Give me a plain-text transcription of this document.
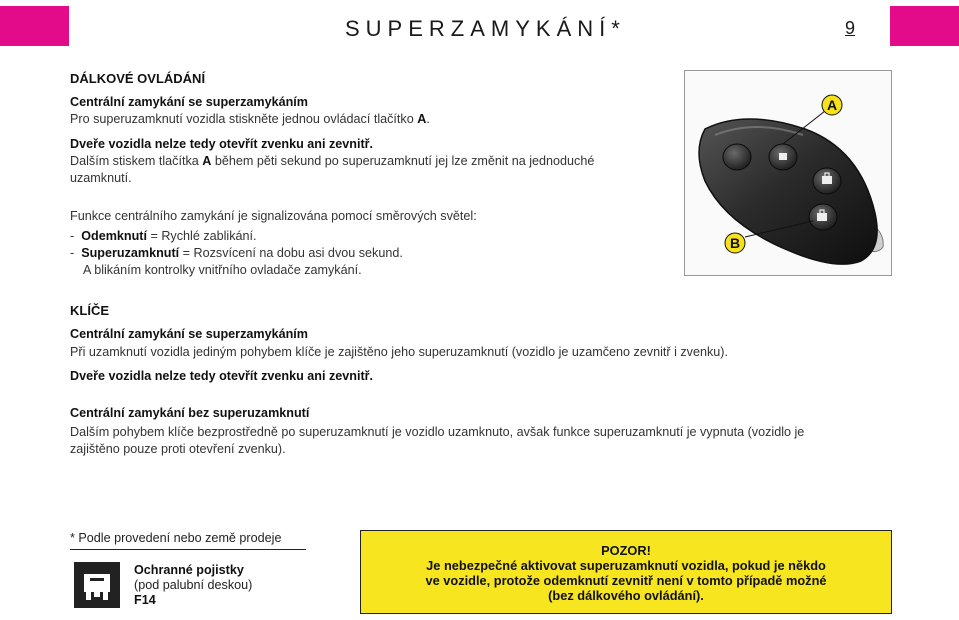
SUPERZAMYKÁNÍ*	9
DÁLKOVÉ OVLÁDÁNÍ
Centrální zamykání se superzamykáním
Pro superuzamknutí vozidla stiskněte jednou ovládací tlačítko A.
Dveře vozidla nelze tedy otevřít zvenku ani zevnitř.
Dalším stiskem tlačítka A během pěti sekund po superuzamknutí jej lze změnit na jednoduché
uzamknutí.
Funkce centrálního zamykání je signalizována pomocí směrových světel:
- Odemknutí = Rychlé zablikání.
- Superuzamknutí = Rozsvícení na dobu asi dvou sekund.
A blikáním kontrolky vnitřního ovladače zamykání.
A
B
KLÍČE
Centrální zamykání se superzamykáním
Při uzamknutí vozidla jediným pohybem klíče je zajištěno jeho superuzamknutí (vozidlo je uzamčeno zevnitř i zvenku).
Dveře vozidla nelze tedy otevřít zvenku ani zevnitř.
Centrální zamykání bez superuzamknutí
Dalším pohybem klíče bezprostředně po superuzamknutí je vozidlo uzamknuto, avšak funkce superuzamknutí je vypnuta (vozidlo je
zajištěno pouze proti otevření zvenku).
* Podle provedení nebo země prodeje
Ochranné pojistky
(pod palubní deskou)
F14
POZOR!
Je nebezpečné aktivovat superuzamknutí vozidla, pokud je někdo
ve vozidle, protože odemknutí zevnitř není v tomto případě možné
(bez dálkového ovládání).
